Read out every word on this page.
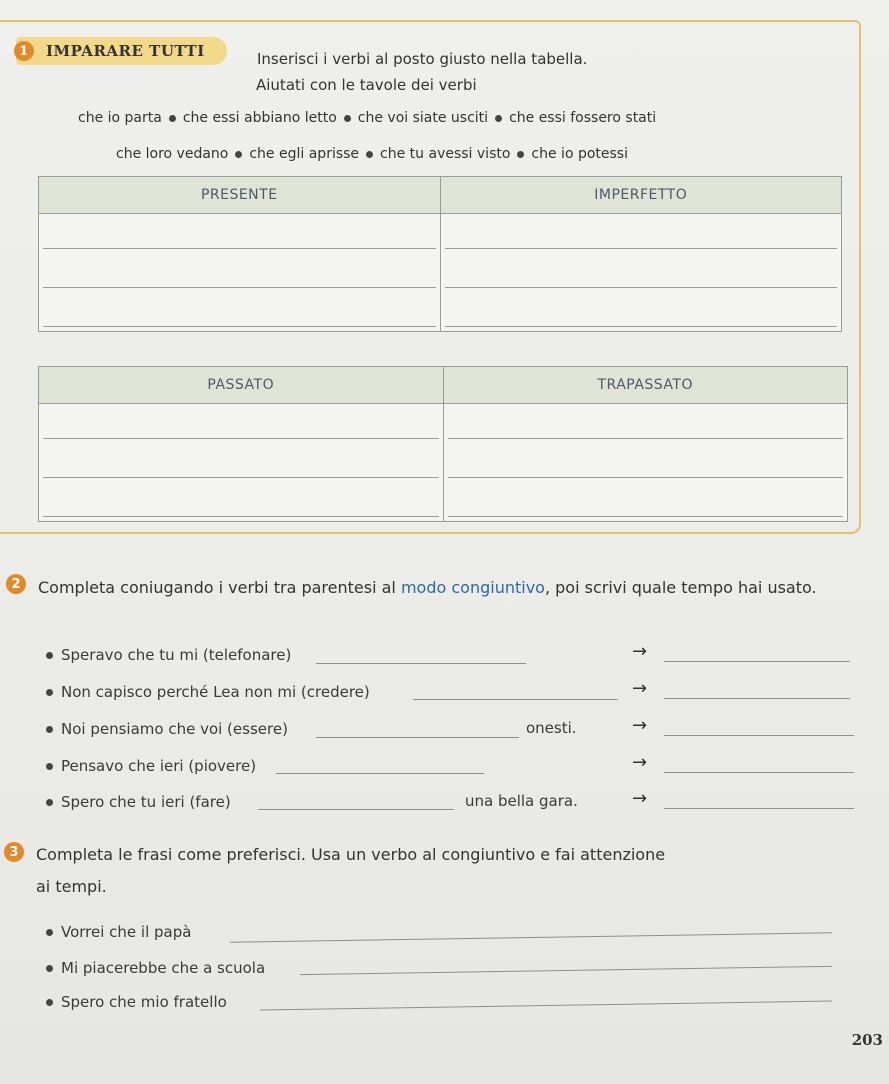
1	IMPARARE TUTTI	Inserisci i verbi al posto giusto nella tabella.
Aiutati con le tavole dei verbi
che io parta che essi abbiano letto che voi siate usciti che essi fossero stati
che loro vedano che egli aprisse che tu avessi visto che io potessi
PRESENTE	IMPERFETTO

PASSATO	TRAPASSATO

2	Completa coniugando i verbi tra parentesi al modo congiuntivo, poi scrivi quale tempo hai usato.
Speravo che tu mi (telefonare)	→
Non capisco perché Lea non mi (credere)	→
Noi pensiamo che voi (essere)	onesti.	→
Pensavo che ieri (piovere)	→
Spero che tu ieri (fare)	una bella gara.	→
3	Completa le frasi come preferisci. Usa un verbo al congiuntivo e fai attenzione ai tempi.
Vorrei che il papà
Mi piacerebbe che a scuola
Spero che mio fratello
203
